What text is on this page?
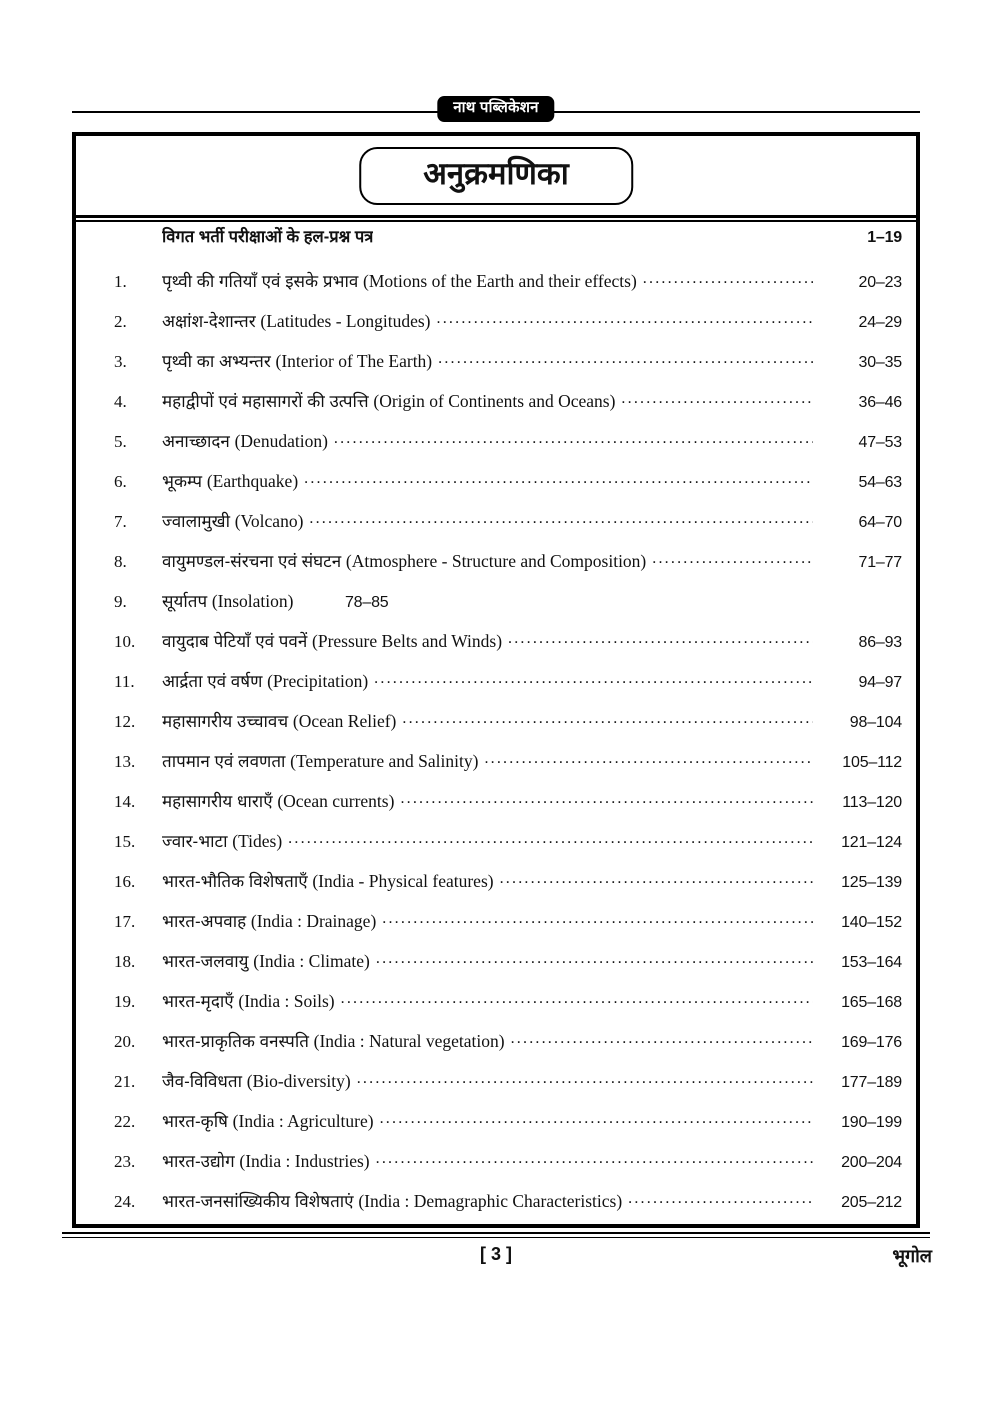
नाथ पब्लिकेशन
अनुक्रमणिका
विगत भर्ती परीक्षाओं के हल-प्रश्न पत्र	1–19
1.	पृथ्वी की गतियाँ एवं इसके प्रभाव (Motions of the Earth and their effects) .....	20–23
2.	अक्षांश-देशान्तर (Latitudes - Longitudes) .....	24–29
3.	पृथ्वी का अभ्यन्तर (Interior of The Earth) .....	30–35
4.	महाद्वीपों एवं महासागरों की उत्पत्ति (Origin of Continents and Oceans) .....	36–46
5.	अनाच्छादन (Denudation) .....	47–53
6.	भूकम्प (Earthquake) .....	54–63
7.	ज्वालामुखी (Volcano) .....	64–70
8.	वायुमण्डल-संरचना एवं संघटन (Atmosphere - Structure and Composition) .....	71–77
9.	सूर्यातप (Insolation)	78–85
10.	वायुदाब पेटियाँ एवं पवनें (Pressure Belts and Winds) .....	86–93
11.	आर्द्रता एवं वर्षण (Precipitation) .....	94–97
12.	महासागरीय उच्चावच (Ocean Relief) .....	98–104
13.	तापमान एवं लवणता (Temperature and Salinity) .....	105–112
14.	महासागरीय धाराएँ (Ocean currents) .....	113–120
15.	ज्वार-भाटा (Tides) .....	121–124
16.	भारत-भौतिक विशेषताएँ (India - Physical features) .....	125–139
17.	भारत-अपवाह (India : Drainage) .....	140–152
18.	भारत-जलवायु (India : Climate) .....	153–164
19.	भारत-मृदाएँ (India : Soils) .....	165–168
20.	भारत-प्राकृतिक वनस्पति (India : Natural vegetation) .....	169–176
21.	जैव-विविधता (Bio-diversity) .....	177–189
22.	भारत-कृषि (India : Agriculture) .....	190–199
23.	भारत-उद्योग (India : Industries) .....	200–204
24.	भारत-जनसांख्यिकीय विशेषताएं (India : Demagraphic Characteristics) .....	205–212
[ 3 ]	भूगोल
